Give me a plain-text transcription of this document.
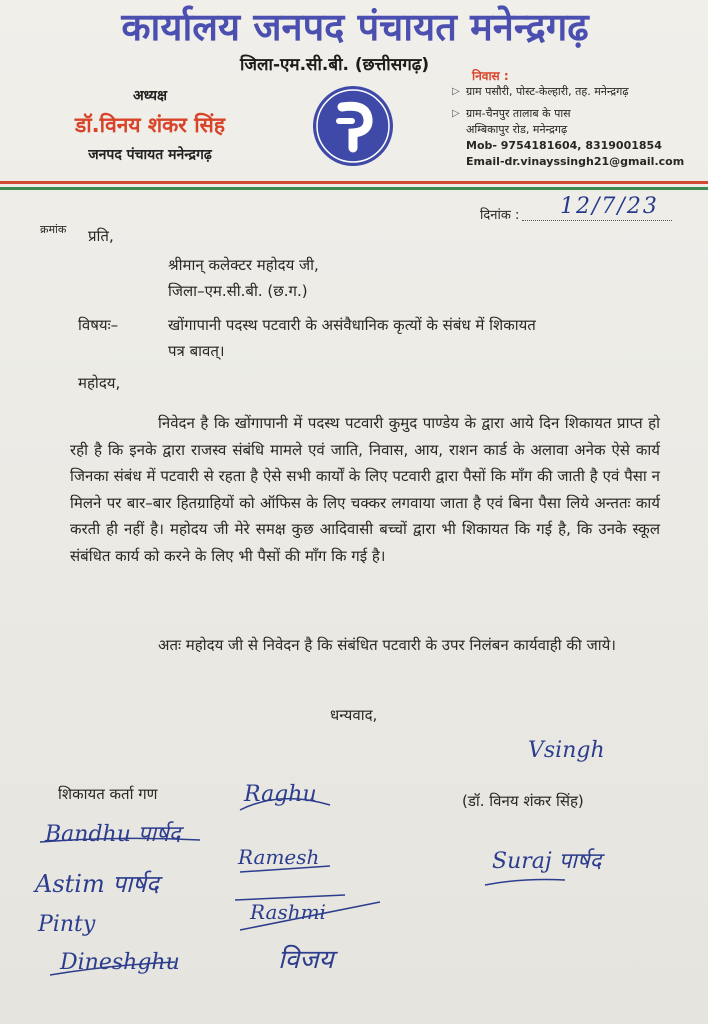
कार्यालय जनपद पंचायत मनेन्द्रगढ़
जिला-एम.सी.बी. (छत्तीसगढ़)
अध्यक्ष
डॉ.विनय शंकर सिंह
जनपद पंचायत मनेन्द्रगढ़
निवास :
▷ ग्राम पसौरी, पोस्ट-केल्हारी, तह. मनेन्द्रगढ़
▷ ग्राम-चैनपुर तालाब के पास
अम्बिकापुर रोड, मनेन्द्रगढ़
Mob- 9754181604, 8319001854
Email-dr.vinayssingh21@gmail.com
क्रमांक प्रति,
दिनांक : 12/7/23
श्रीमान् कलेक्टर महोदय जी,
जिला–एम.सी.बी. (छ.ग.)
विषयः–	खोंगापानी पदस्थ पटवारी के असंवैधानिक कृत्यों के संबंध में शिकायत
पत्र बावत्।
महोदय,
निवेदन है कि खोंगापानी में पदस्थ पटवारी कुमुद पाण्डेय के द्वारा आये दिन शिकायत प्राप्त हो रही है कि इनके द्वारा राजस्व संबंधि मामले एवं जाति, निवास, आय, राशन कार्ड के अलावा अनेक ऐसे कार्य जिनका संबंध में पटवारी से रहता है ऐसे सभी कार्यों के लिए पटवारी द्वारा पैसों कि माँग की जाती है एवं पैसा न मिलने पर बार–बार हितग्राहियों को ऑफिस के लिए चक्कर लगवाया जाता है एवं बिना पैसा लिये अन्ततः कार्य करती ही नहीं है। महोदय जी मेरे समक्ष कुछ आदिवासी बच्चों द्वारा भी शिकायत कि गई है, कि उनके स्कूल संबंधित कार्य को करने के लिए भी पैसों की माँग कि गई है।
अतः महोदय जी से निवेदन है कि संबंधित पटवारी के उपर निलंबन कार्यवाही की जाये।
धन्यवाद,
शिकायत कर्ता गण	(डॉ. विनय शंकर सिंह)
Vsingh
Bandhu पार्षद
Astim पार्षद
Pinty
Dineshghu
Ramesh
Rashmi
Raghu
विजय
Suraj पार्षद
